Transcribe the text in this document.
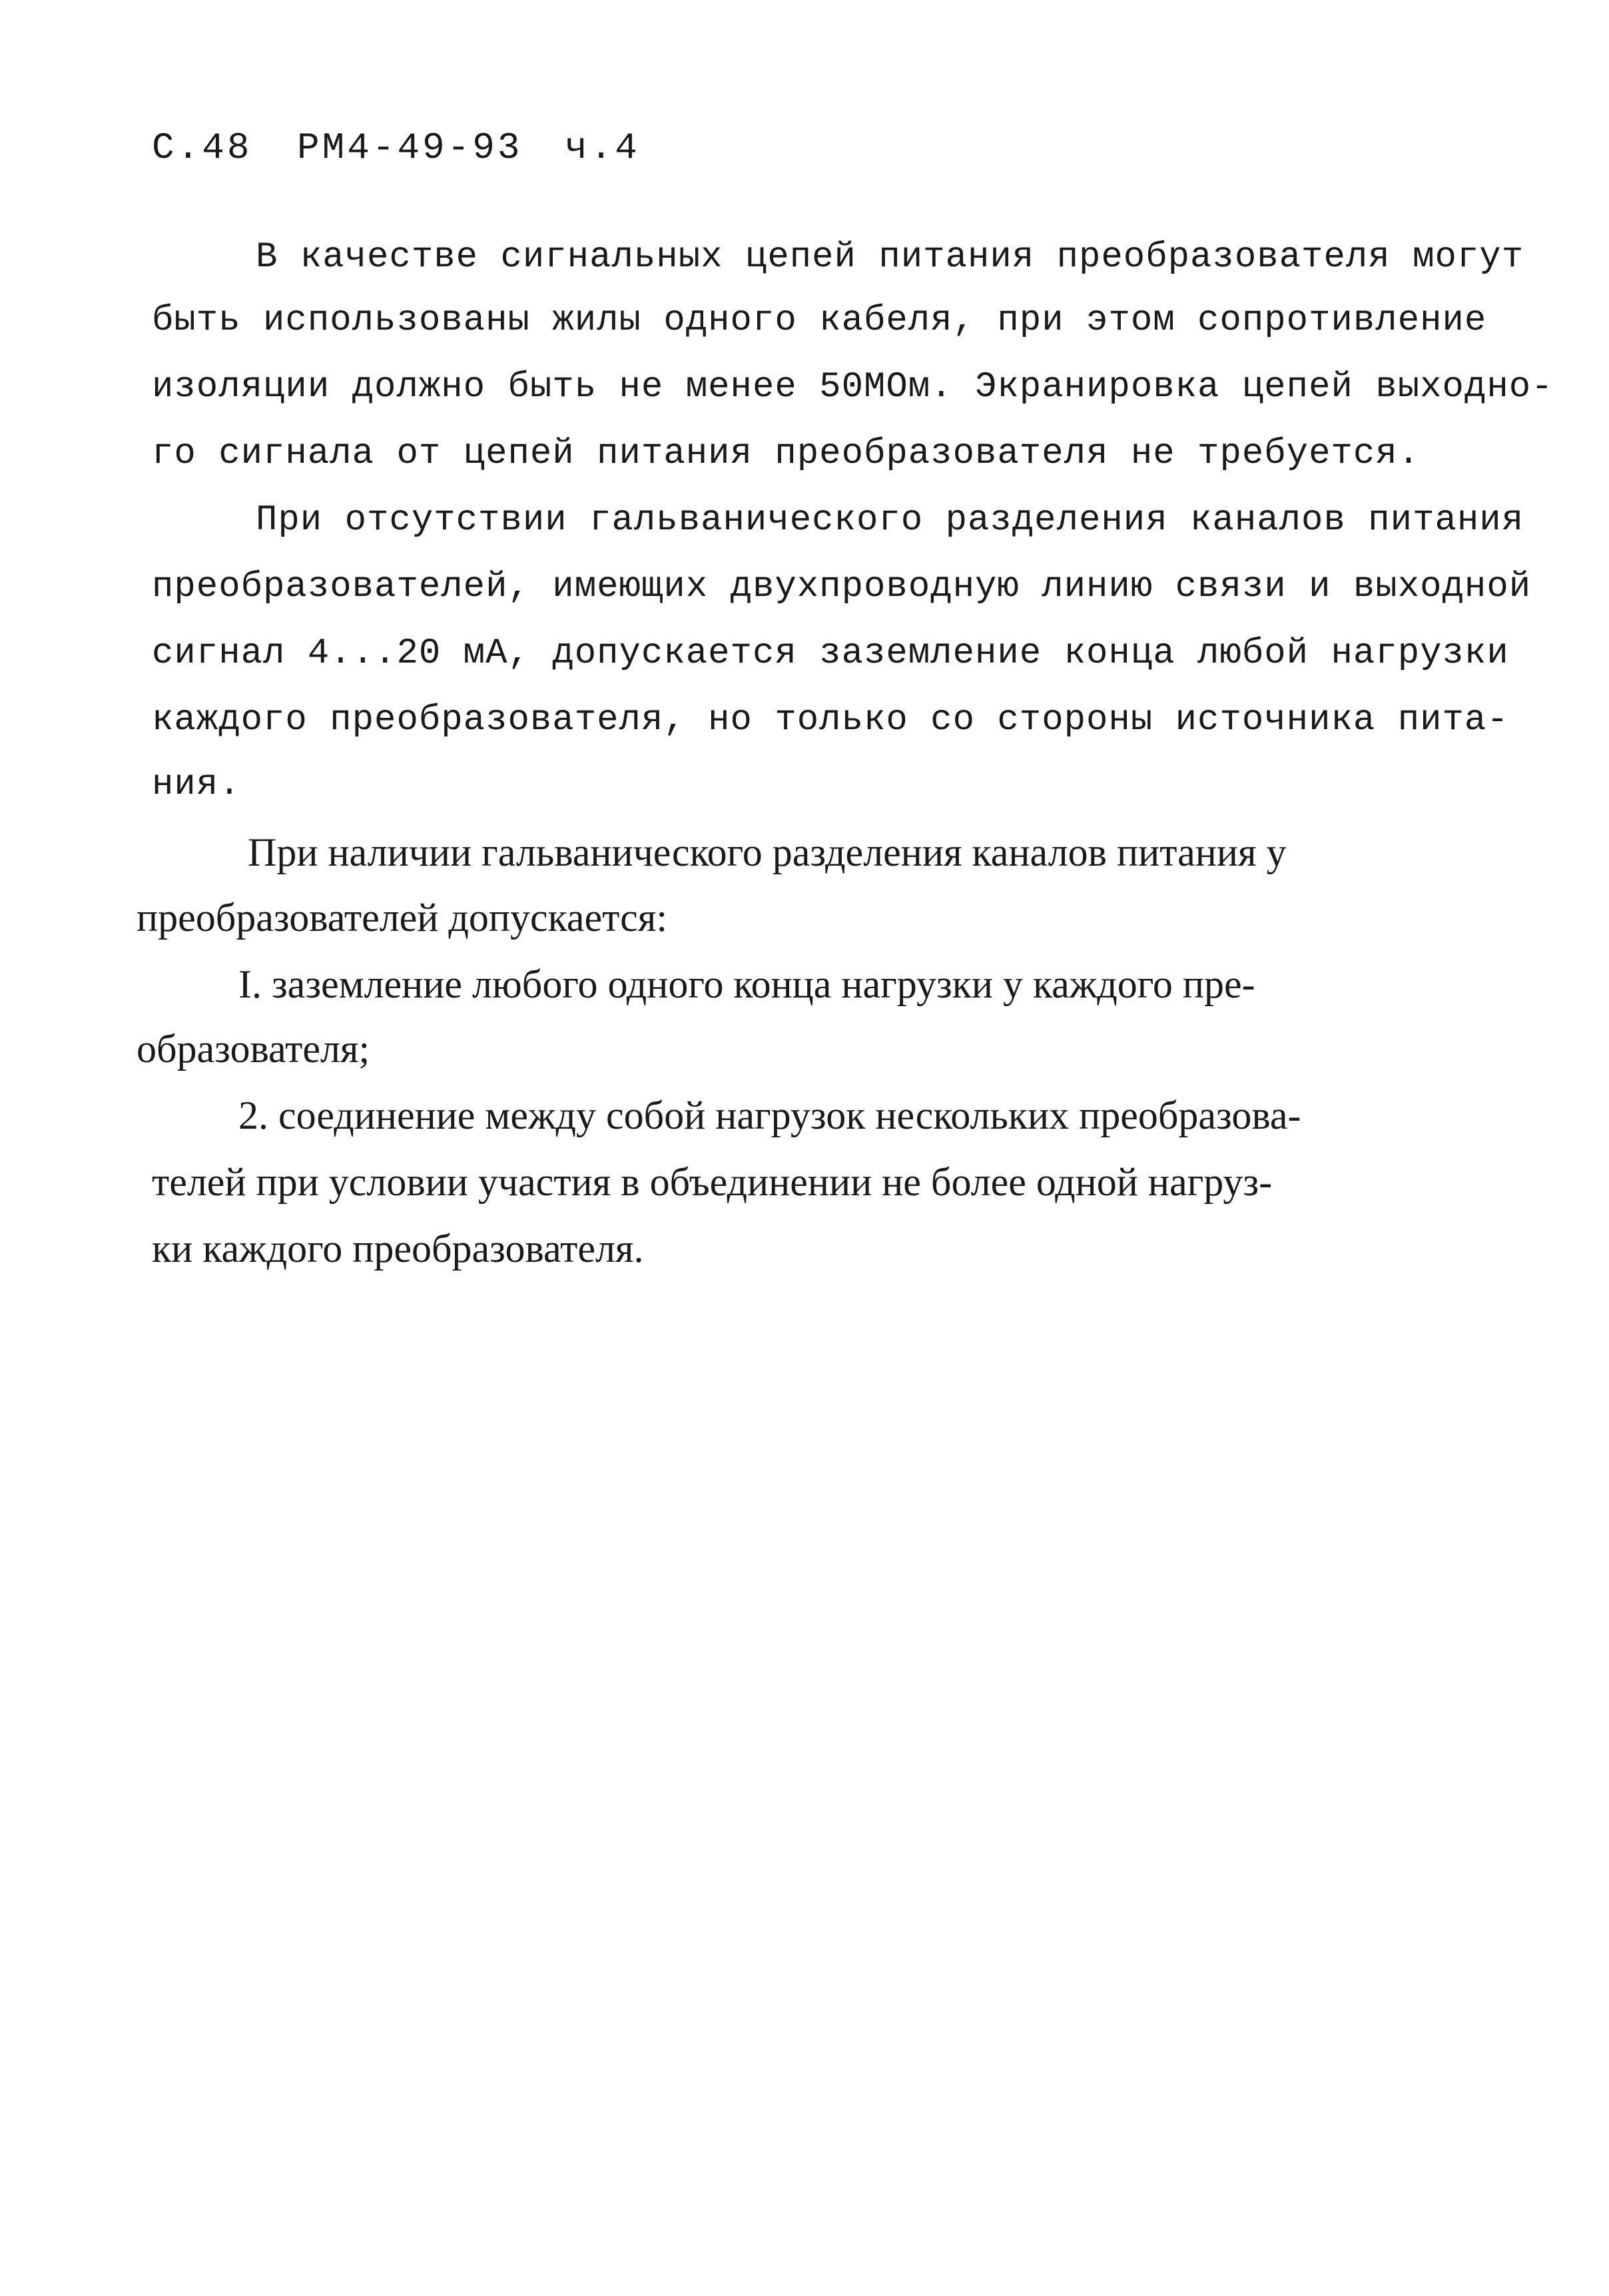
С.48 РМ4-49-93 ч.4
В качестве сигнальных цепей питания преобразователя могут
быть использованы жилы одного кабеля, при этом сопротивление
изоляции должно быть не менее 50МОм. Экранировка цепей выходно-
го сигнала от цепей питания преобразователя не требуется.
При отсутствии гальванического разделения каналов питания
преобразователей, имеющих двухпроводную линию связи и выходной
сигнал 4...20 мА, допускается заземление конца любой нагрузки
каждого преобразователя, но только со стороны источника пита-
ния.
При наличии гальванического разделения каналов питания у
преобразователей допускается:
I. заземление любого одного конца нагрузки у каждого пре-
образователя;
2. соединение между собой нагрузок нескольких преобразова-
телей при условии участия в объединении не более одной нагруз-
ки каждого преобразователя.
